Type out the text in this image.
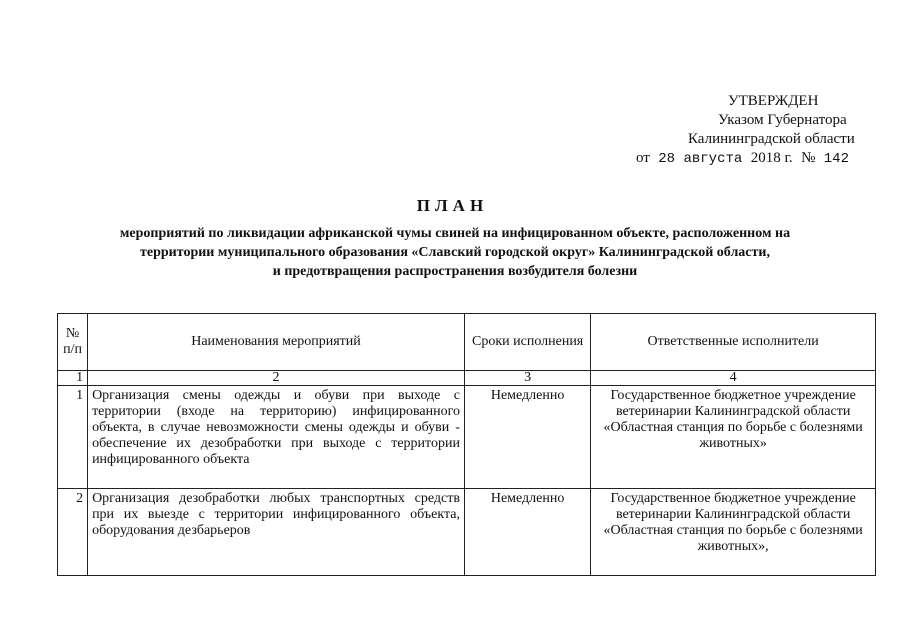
УТВЕРЖДЕН
Указом Губернатора
Калининградской области
от 28 августа 2018 г. № 142
ПЛАН
мероприятий по ликвидации африканской чумы свиней на инфицированном объекте, расположенном на
территории муниципального образования «Славский городской округ» Калининградской области,
и предотвращения распространения возбудителя болезни
№ п/п	Наименования мероприятий	Сроки исполнения	Ответственные исполнители
1	2	3	4
1	Организация смены одежды и обуви при выходе с территории (входе на территорию) инфицированного объекта, в случае невозможности смены одежды и обуви - обеспечение их дезобработки при выходе с территории инфицированного объекта	Немедленно	Государственное бюджетное учреждение ветеринарии Калининградской области «Областная станция по борьбе с болезнями животных»
2	Организация дезобработки любых транспортных средств при их выезде с территории инфицированного объекта, оборудования дезбарьеров	Немедленно	Государственное бюджетное учреждение ветеринарии Калининградской области «Областная станция по борьбе с болезнями животных»,
